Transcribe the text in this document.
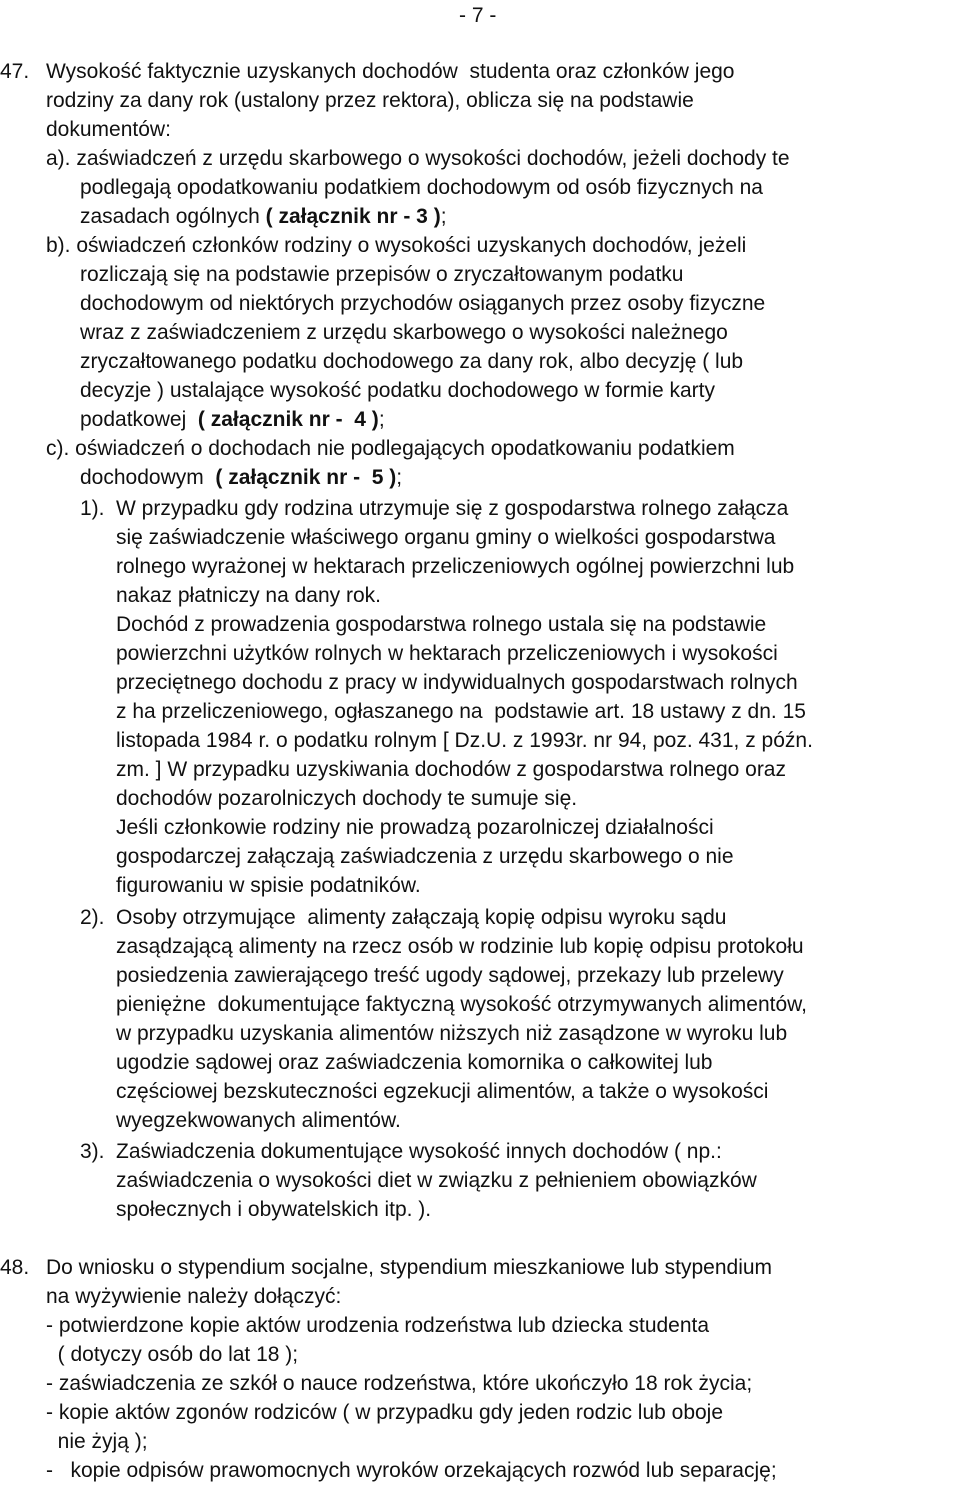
- 7 -
47. Wysokość faktycznie uzyskanych dochodów  studenta oraz członków jego
rodziny za dany rok (ustalony przez rektora), oblicza się na podstawie
dokumentów:
a). zaświadczeń z urzędu skarbowego o wysokości dochodów, jeżeli dochody te
podlegają opodatkowaniu podatkiem dochodowym od osób fizycznych na
zasadach ogólnych ( załącznik nr - 3 );
b). oświadczeń członków rodziny o wysokości uzyskanych dochodów, jeżeli
rozliczają się na podstawie przepisów o zryczałtowanym podatku
dochodowym od niektórych przychodów osiąganych przez osoby fizyczne
wraz z zaświadczeniem z urzędu skarbowego o wysokości należnego
zryczałtowanego podatku dochodowego za dany rok, albo decyzję ( lub
decyzje ) ustalające wysokość podatku dochodowego w formie karty
podatkowej  ( załącznik nr -  4 );
c). oświadczeń o dochodach nie podlegających opodatkowaniu podatkiem
dochodowym  ( załącznik nr -  5 );
1). W przypadku gdy rodzina utrzymuje się z gospodarstwa rolnego załącza
się zaświadczenie właściwego organu gminy o wielkości gospodarstwa
rolnego wyrażonej w hektarach przeliczeniowych ogólnej powierzchni lub
nakaz płatniczy na dany rok.
Dochód z prowadzenia gospodarstwa rolnego ustala się na podstawie
powierzchni użytków rolnych w hektarach przeliczeniowych i wysokości
przeciętnego dochodu z pracy w indywidualnych gospodarstwach rolnych
z ha przeliczeniowego, ogłaszanego na  podstawie art. 18 ustawy z dn. 15
listopada 1984 r. o podatku rolnym [ Dz.U. z 1993r. nr 94, poz. 431, z późn.
zm. ] W przypadku uzyskiwania dochodów z gospodarstwa rolnego oraz
dochodów pozarolniczych dochody te sumuje się.
Jeśli członkowie rodziny nie prowadzą pozarolniczej działalności
gospodarczej załączają zaświadczenia z urzędu skarbowego o nie
figurowaniu w spisie podatników.
2). Osoby otrzymujące  alimenty załączają kopię odpisu wyroku sądu
zasądzającą alimenty na rzecz osób w rodzinie lub kopię odpisu protokołu
posiedzenia zawierającego treść ugody sądowej, przekazy lub przelewy
pieniężne  dokumentujące faktyczną wysokość otrzymywanych alimentów,
w przypadku uzyskania alimentów niższych niż zasądzone w wyroku lub
ugodzie sądowej oraz zaświadczenia komornika o całkowitej lub
częściowej bezskuteczności egzekucji alimentów, a także o wysokości
wyegzekwowanych alimentów.
3). Zaświadczenia dokumentujące wysokość innych dochodów ( np.:
zaświadczenia o wysokości diet w związku z pełnieniem obowiązków
społecznych i obywatelskich itp. ).
48. Do wniosku o stypendium socjalne, stypendium mieszkaniowe lub stypendium
na wyżywienie należy dołączyć:
- potwierdzone kopie aktów urodzenia rodzeństwa lub dziecka studenta
( dotyczy osób do lat 18 );
- zaświadczenia ze szkół o nauce rodzeństwa, które ukończyło 18 rok życia;
- kopie aktów zgonów rodziców ( w przypadku gdy jeden rodzic lub oboje
nie żyją );
-   kopie odpisów prawomocnych wyroków orzekających rozwód lub separację;
